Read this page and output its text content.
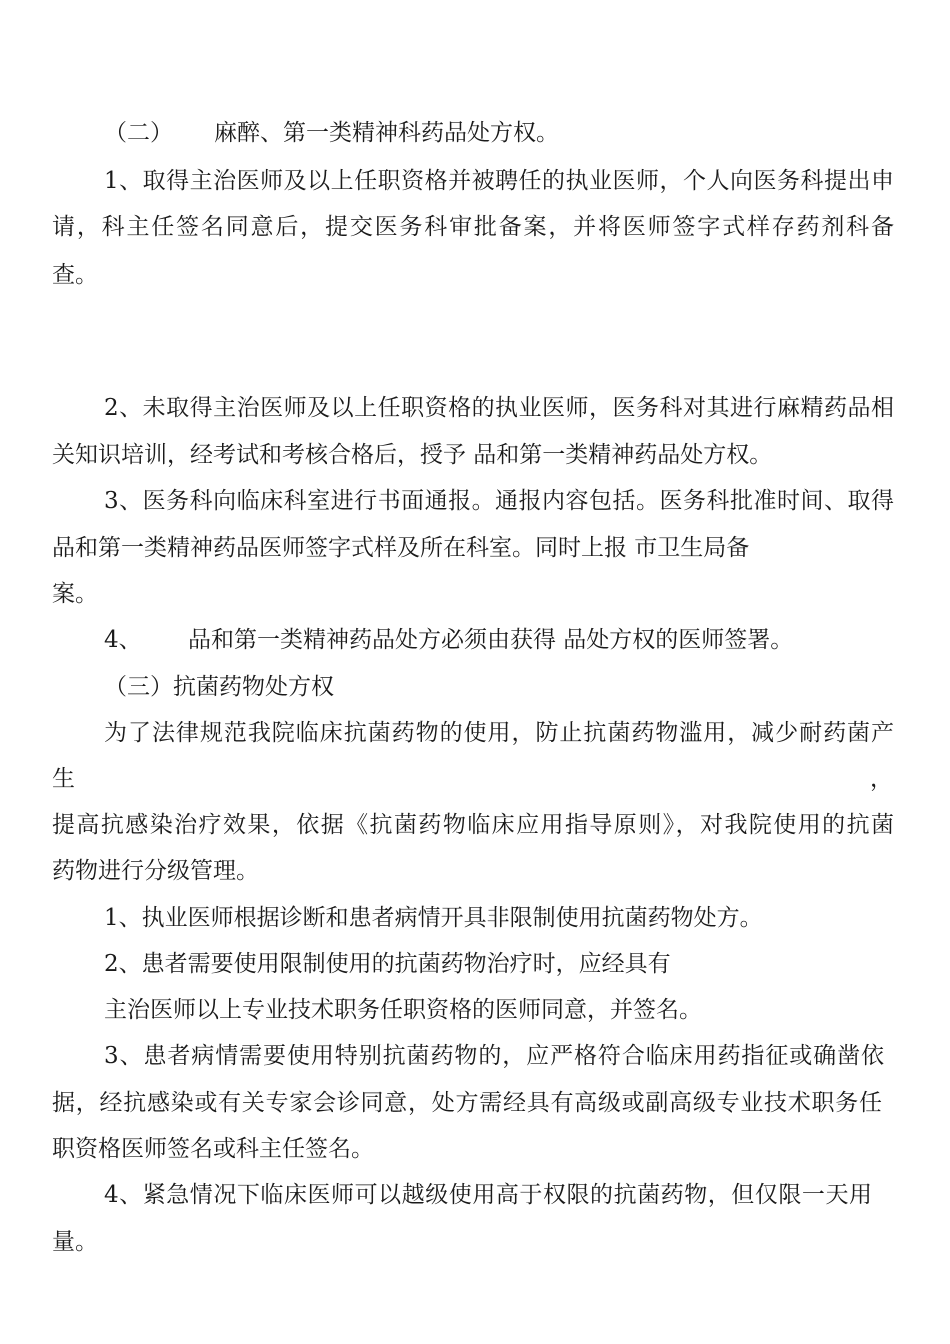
（二） 麻醉、第一类精神科药品处方权。
1、取得主治医师及以上任职资格并被聘任的执业医师，个人向医务科提出申
请，科主任签名同意后，提交医务科审批备案，并将医师签字式样存药剂科备
查。
2、未取得主治医师及以上任职资格的执业医师，医务科对其进行麻精药品相
关知识培训，经考试和考核合格后，授予 品和第一类精神药品处方权。
3、医务科向临床科室进行书面通报。通报内容包括。医务科批准时间、取得
品和第一类精神药品医师签字式样及所在科室。同时上报 市卫生局备
案。
4、 品和第一类精神药品处方必须由获得 品处方权的医师签署。
（三）抗菌药物处方权
为了法律规范我院临床抗菌药物的使用，防止抗菌药物滥用，减少耐药菌产
生	，
提高抗感染治疗效果，依据《抗菌药物临床应用指导原则》，对我院使用的抗菌
药物进行分级管理。
1、执业医师根据诊断和患者病情开具非限制使用抗菌药物处方。
2、患者需要使用限制使用的抗菌药物治疗时，应经具有
主治医师以上专业技术职务任职资格的医师同意，并签名。
3、患者病情需要使用特别抗菌药物的，应严格符合临床用药指征或确凿依
据，经抗感染或有关专家会诊同意，处方需经具有高级或副高级专业技术职务任
职资格医师签名或科主任签名。
4、紧急情况下临床医师可以越级使用高于权限的抗菌药物，但仅限一天用
量。
